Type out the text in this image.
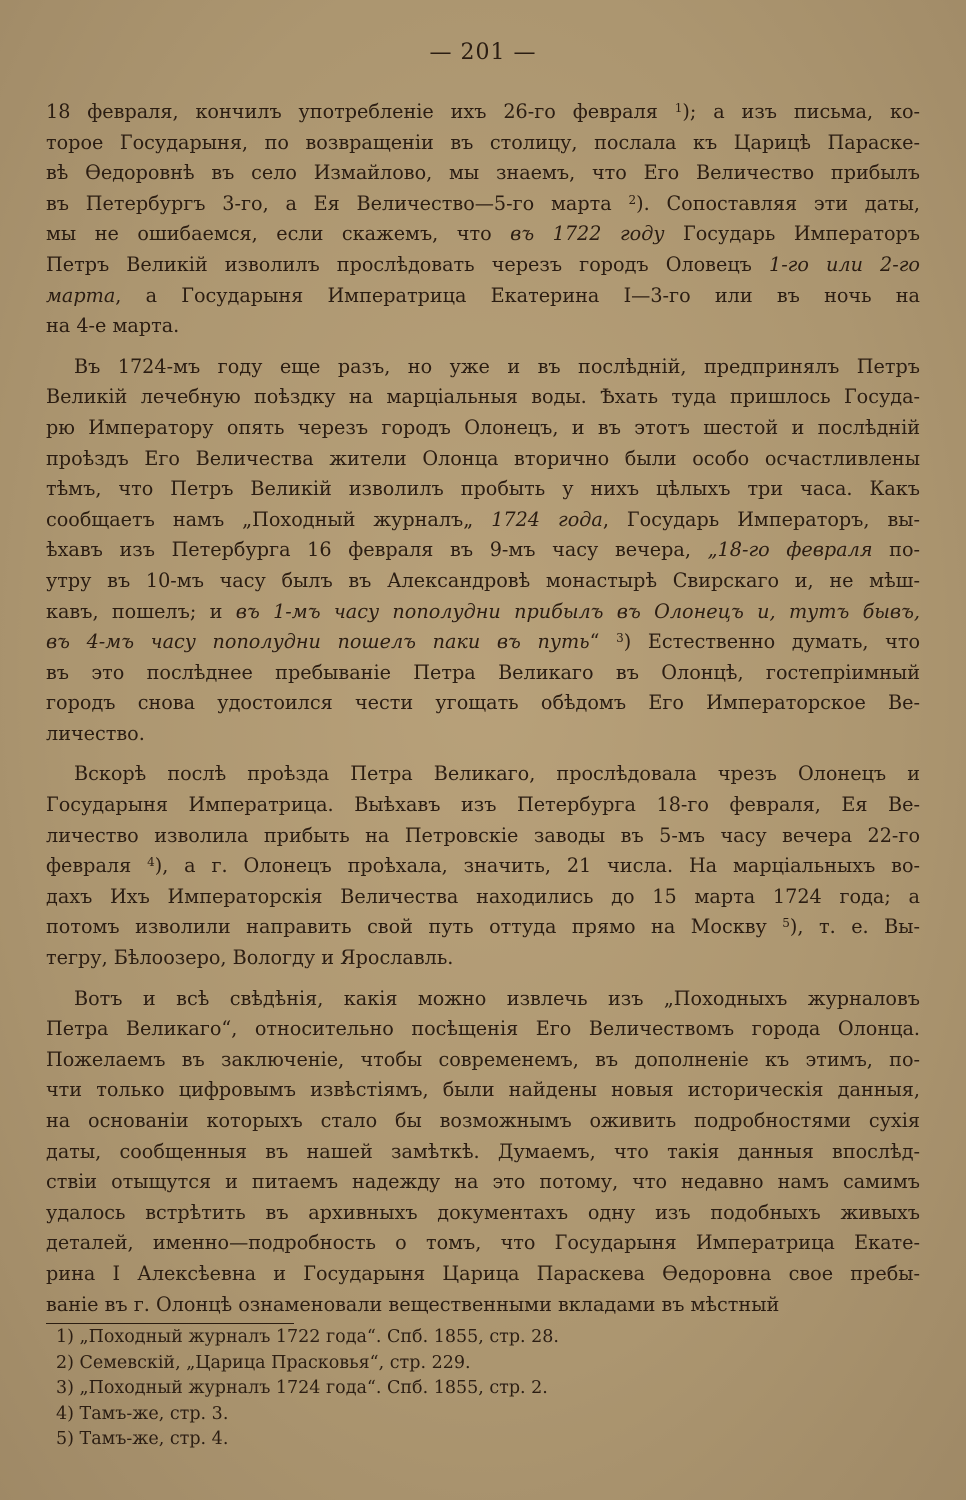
— 201 —
18 февраля, кончилъ употребленіе ихъ 26-го февраля $^1$); а изъ письма, ко-
торое Государыня, по возвращеніи въ столицу, послала къ Царицѣ Параске-
вѣ Өедоровнѣ въ село Измайлово, мы знаемъ, что Его Величество прибылъ
въ Петербургъ 3-го, а Ея Величество—5-го марта $^2$). Сопоставляя эти даты,
мы не ошибаемся, если скажемъ, что въ 1722 году Государь Императоръ
Петръ Великій изволилъ прослѣдовать черезъ городъ Оловецъ 1-го или 2-го
марта, а Государыня Императрица Екатерина I—3-го или въ ночь на
на 4-е марта.
Въ 1724-мъ году еще разъ, но уже и въ послѣдній, предпринялъ Петръ
Великій лечебную поѣздку на марціальныя воды. Ѣхать туда пришлось Госуда-
рю Императору опять черезъ городъ Олонецъ, и въ этотъ шестой и послѣдній
проѣздъ Его Величества жители Олонца вторично были особо осчастливлены
тѣмъ, что Петръ Великій изволилъ пробыть у нихъ цѣлыхъ три часа. Какъ
сообщаетъ намъ „Походный журналъ„ 1724 года, Государь Императоръ, вы-
ѣхавъ изъ Петербурга 16 февраля въ 9-мъ часу вечера, „18-го февраля по-
утру въ 10-мъ часу былъ въ Александровѣ монастырѣ Свирскаго и, не мѣш-
кавъ, пошелъ; и въ 1-мъ часу пополудни прибылъ въ Олонецъ и, тутъ бывъ,
въ 4-мъ часу пополудни пошелъ паки въ путь“ $^3$) Естественно думать, что
въ это послѣднее пребываніе Петра Великаго въ Олонцѣ, гостепріимный
городъ снова удостоился чести угощать обѣдомъ Его Императорское Ве-
личество.
Вскорѣ послѣ проѣзда Петра Великаго, прослѣдовала чрезъ Олонецъ и
Государыня Императрица. Выѣхавъ изъ Петербурга 18-го февраля, Ея Ве-
личество изволила прибыть на Петровскіе заводы въ 5-мъ часу вечера 22-го
февраля $^4$), а г. Олонецъ проѣхала, значить, 21 числа. На марціальныхъ во-
дахъ Ихъ Императорскія Величества находились до 15 марта 1724 года; а
потомъ изволили направить свой путь оттуда прямо на Москву $^5$), т. е. Вы-
тегру, Бѣлоозеро, Вологду и Ярославль.
Вотъ и всѣ свѣдѣнія, какія можно извлечь изъ „Походныхъ журналовъ
Петра Великаго“, относительно посѣщенія Его Величествомъ города Олонца.
Пожелаемъ въ заключеніе, чтобы современемъ, въ дополненіе къ этимъ, по-
чти только цифровымъ извѣстіямъ, были найдены новыя историческія данныя,
на основаніи которыхъ стало бы возможнымъ оживить подробностями сухія
даты, сообщенныя въ нашей замѣткѣ. Думаемъ, что такія данныя впослѣд-
ствіи отыщутся и питаемъ надежду на это потому, что недавно намъ самимъ
удалось встрѣтить въ архивныхъ документахъ одну изъ подобныхъ живыхъ
деталей, именно—подробность о томъ, что Государыня Императрица Екате-
рина I Алексѣевна и Государыня Царица Параскева Өедоровна свое пребы-
ваніе въ г. Олонцѣ ознаменовали вещественными вкладами въ мѣстный
1) „Походный журналъ 1722 года“. Спб. 1855, стр. 28.
2) Семевскій, „Царица Прасковья“, стр. 229.
3) „Походный журналъ 1724 года“. Спб. 1855, стр. 2.
4) Тамъ-же, стр. 3.
5) Тамъ-же, стр. 4.
